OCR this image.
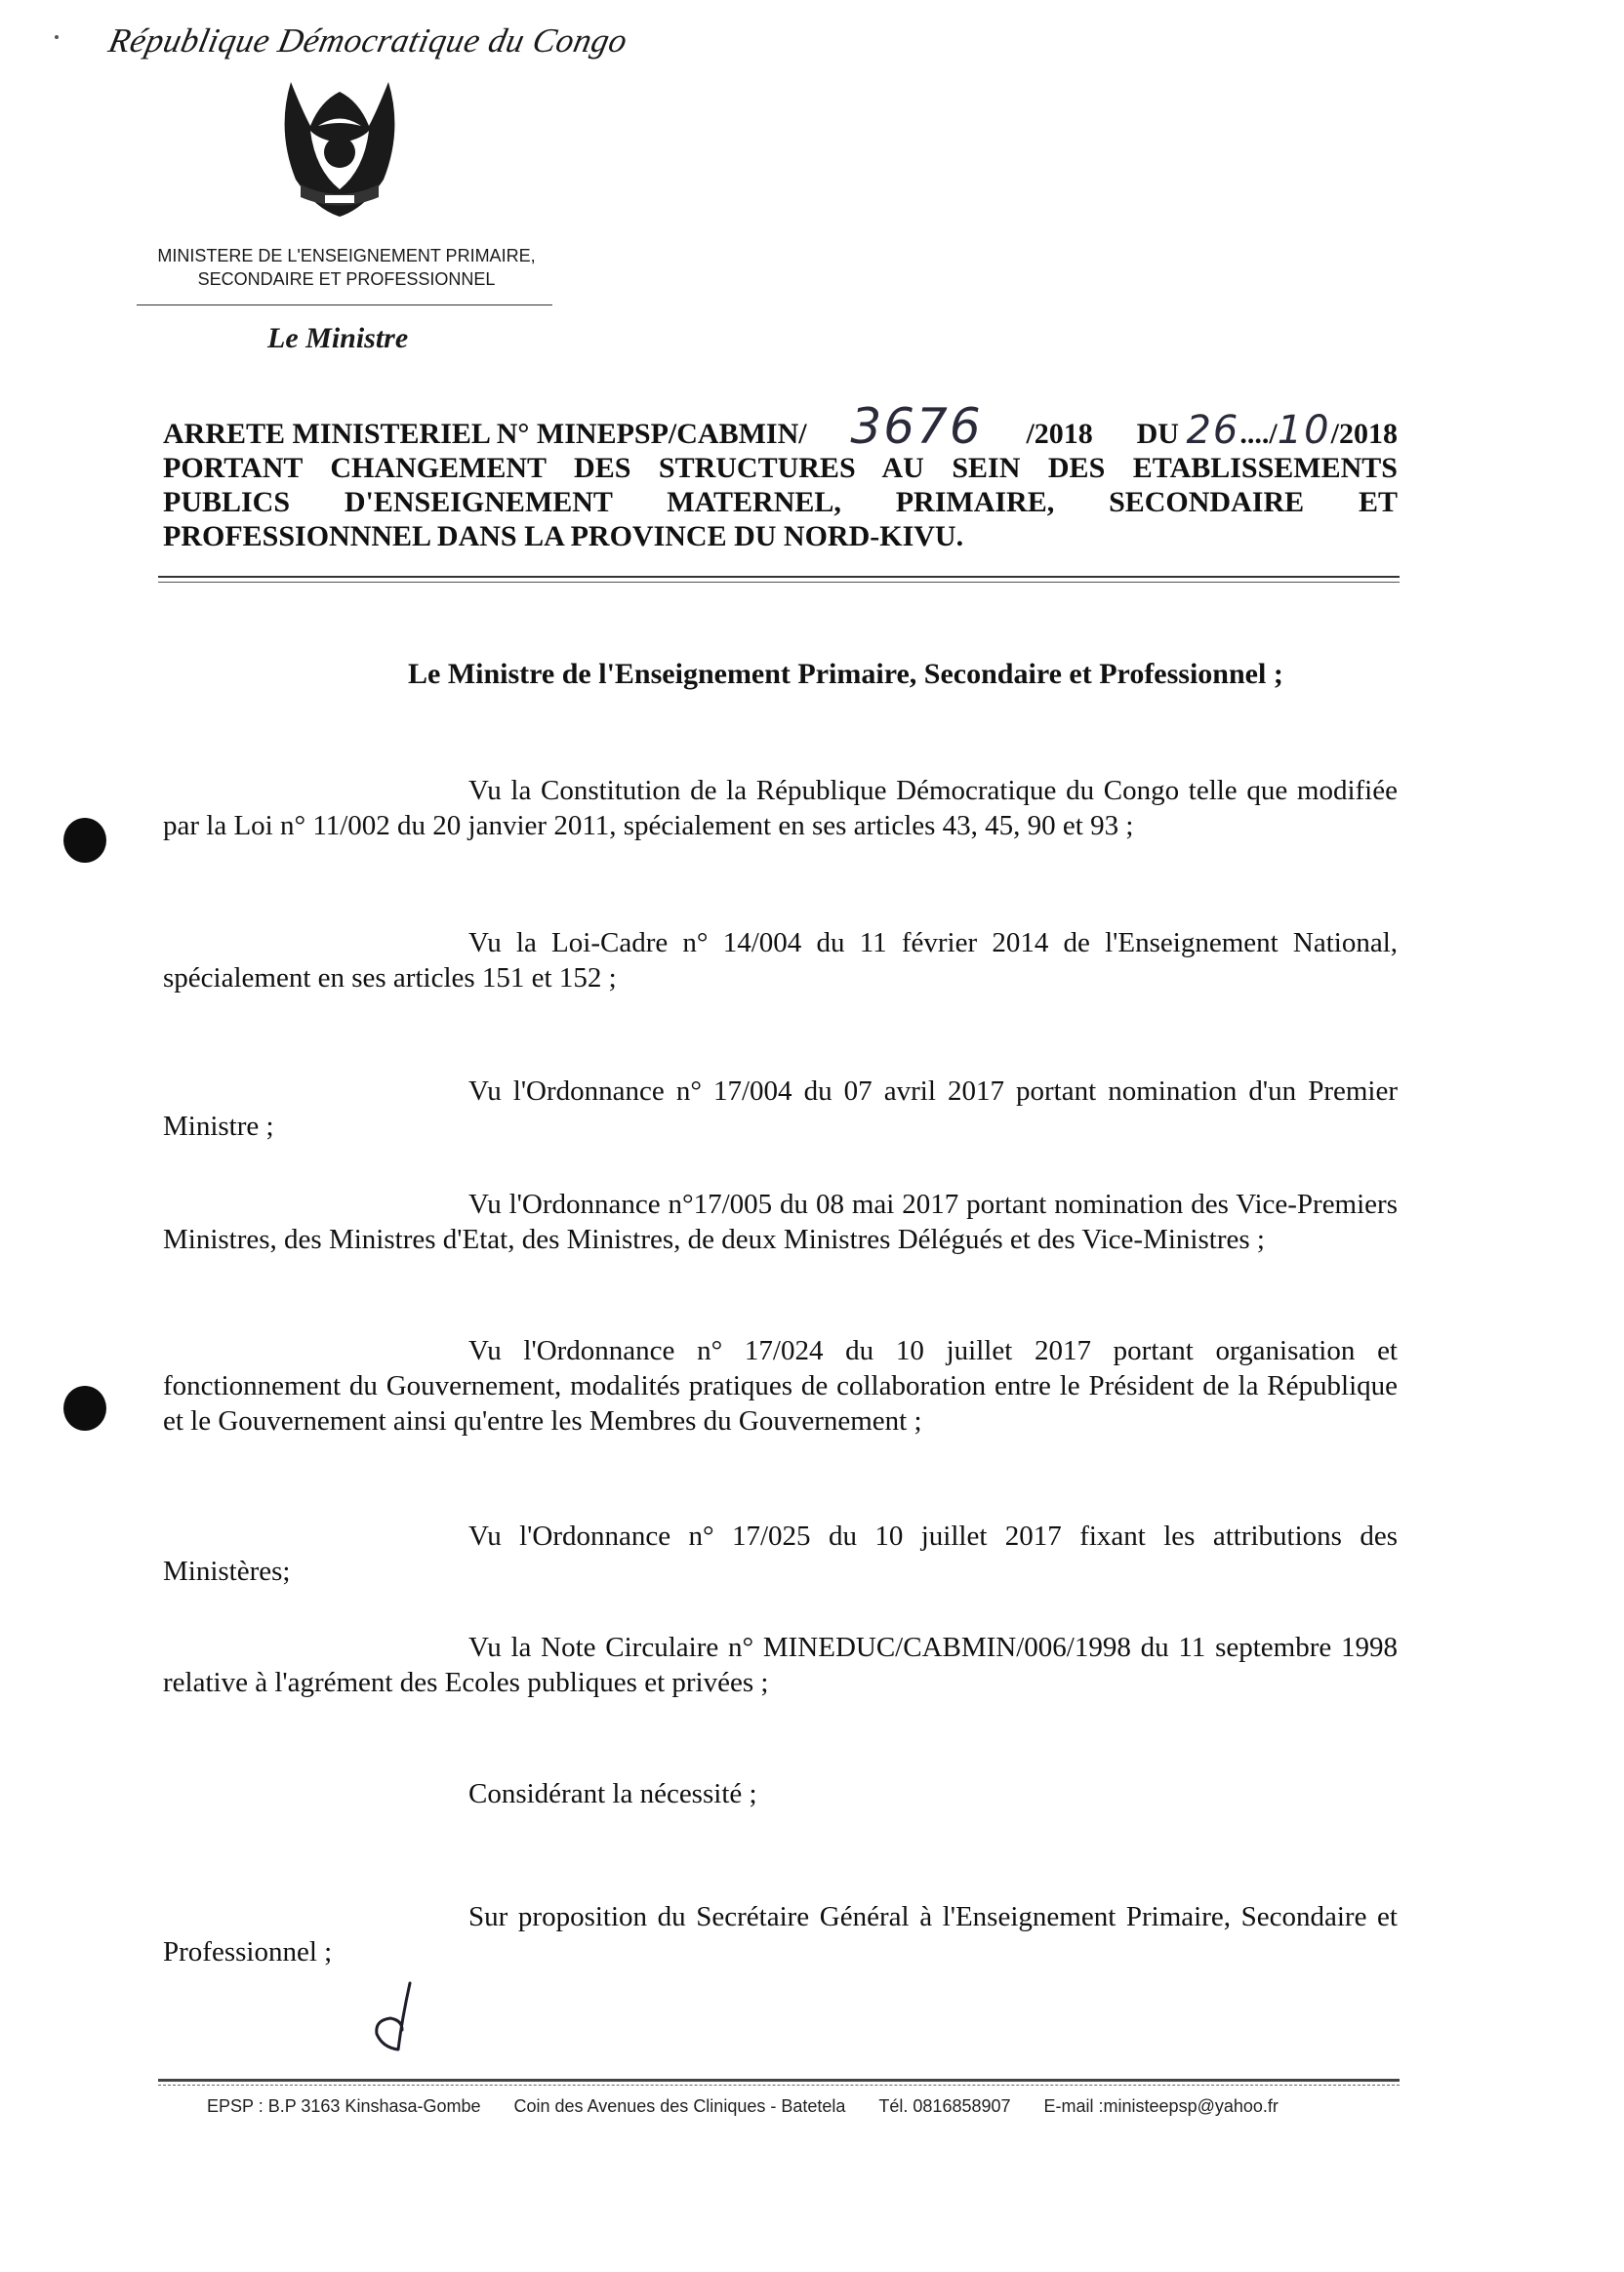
République Démocratique du Congo
MINISTERE DE L'ENSEIGNEMENT PRIMAIRE,
SECONDAIRE ET PROFESSIONNEL
Le Ministre
ARRETE MINISTERIEL N° MINEPSP/CABMIN/ 3676 /2018 DU 26..../10/2018
PORTANT CHANGEMENT DES STRUCTURES AU SEIN DES ETABLISSEMENTS
PUBLICS D'ENSEIGNEMENT MATERNEL, PRIMAIRE, SECONDAIRE ET
PROFESSIONNNEL DANS LA PROVINCE DU NORD-KIVU.
Le Ministre de l'Enseignement Primaire, Secondaire et Professionnel ;
Vu la Constitution de la République Démocratique du Congo telle que modifiée par la Loi n° 11/002 du 20 janvier 2011, spécialement en ses articles 43, 45, 90 et 93 ;
Vu la Loi-Cadre n° 14/004 du 11 février 2014 de l'Enseignement National, spécialement en ses articles 151 et 152 ;
Vu l'Ordonnance n° 17/004 du 07 avril 2017 portant nomination d'un Premier Ministre ;
Vu l'Ordonnance n°17/005 du 08 mai 2017 portant nomination des Vice-Premiers Ministres, des Ministres d'Etat, des Ministres, de deux Ministres Délégués et des Vice-Ministres ;
Vu l'Ordonnance n° 17/024 du 10 juillet 2017 portant organisation et fonctionnement du Gouvernement, modalités pratiques de collaboration entre le Président de la République et le Gouvernement ainsi qu'entre les Membres du Gouvernement ;
Vu l'Ordonnance n° 17/025 du 10 juillet 2017 fixant les attributions des Ministères;
Vu la Note Circulaire n° MINEDUC/CABMIN/006/1998 du 11 septembre 1998 relative à l'agrément des Ecoles publiques et privées ;
Considérant la nécessité ;
Sur proposition du Secrétaire Général à l'Enseignement Primaire, Secondaire et Professionnel ;
EPSP : B.P 3163 Kinshasa-Gombe Coin des Avenues des Cliniques - Batetela Tél. 0816858907 E-mail :ministeepsp@yahoo.fr
